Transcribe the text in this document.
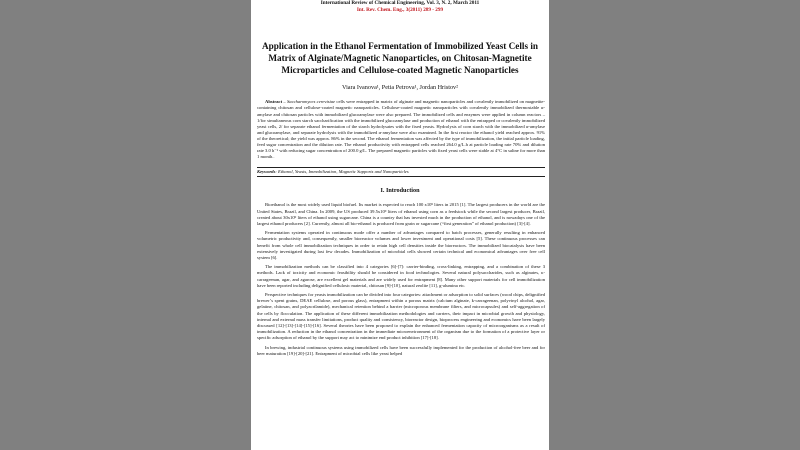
International Review of Chemical Engineering, Vol. 3, N. 2, March 2011
Int. Rev. Chem. Eng., 3(2011) 289 - 299
Application in the Ethanol Fermentation of Immobilized Yeast Cells in Matrix of Alginate/Magnetic Nanoparticles, on Chitosan-Magnetite Microparticles and Cellulose-coated Magnetic Nanoparticles
Viara Ivanova¹, Petia Petrova¹, Jordan Hristov²
Abstract – Saccharomyces cerevisiae cells were entrapped in matrix of alginate and magnetic nanoparticles and covalently immobilized on magnetite-containing chitosan and cellulose-coated magnetic nanoparticles. Cellulose-coated magnetic nanoparticles with covalently immobilized thermostable α-amylase and chitosan particles with immobilized glucoamylase were also prepared. The immobilized cells and enzymes were applied in column reactors – 1/for simultaneous corn starch saccharification with the immobilized glucoamylase and production of ethanol with the entrapped or covalently immobilized yeast cells, 2/ for separate ethanol fermentation of the starch hydrolysates with the fixed yeasts. Hydrolysis of corn starch with the immobilized α-amylase and glucoamylase, and separate hydrolysis with the immobilized α-amylase were also examined. In the first reactor the ethanol yield reached approx. 91% of the theoretical; the yield was approx. 86% in the second. The ethanol fermentation was affected by the type of immobilization, the initial particle loading, feed sugar concentration and the dilution rate. The ethanol productivity with entrapped cells reached 264.0 g/L.h at particle loading rate 70% and dilution rate 3.0 h⁻¹ with reducing sugar concentration of 200.0 g/L. The prepared magnetic particles with fixed yeast cells were stable at 4°C in saline for more than 1 month..
Keywords: Ethanol, Yeasts, Immobilization, Magnetic Supports and Nanoparticles
I. Introduction
Bioethanol is the most widely used liquid biofuel. Its market is expected to reach 100 x10⁹ liters in 2015 [1]. The largest producers in the world are the United States, Brazil, and China. In 2009, the US produced 39.5x10⁹ liters of ethanol using corn as a feedstock while the second largest producer, Brazil, created about 30x10⁹ liters of ethanol using sugarcane. China is a country that has invested much in the production of ethanol, and is nowadays one of the largest ethanol producers [2]. Currently, almost all bio-ethanol is produced from grain or sugarcane (“first generation” of ethanol production) [3]-[4].
Fermentation systems operated in continuous mode offer a number of advantages compared to batch processes, generally resulting in enhanced volumetric productivity and, consequently, smaller bioreactor volumes and lower investment and operational costs [5]. These continuous processes can benefit from whole cell immobilization techniques in order to retain high cell densities inside the bioreactors. The immobilized biocatalysts have been extensively investigated during last few decades. Immobilization of microbial cells showed certain technical and economical advantages over free cell system [6].
The immobilization methods can be classified into 4 categories [6]-[7]: carrier-binding, cross-linking, entrapping, and a combination of these 3 methods. Lack of toxicity and economic feasibility should be considered in food technologies. Several natural polysaccharides, such as alginates, κ-carrageenan, agar, and agarose, are excellent gel materials and are widely used for entrapment [8]. Many other support materials for cell immobilization have been reported including delignified cellulosic material, chitosan [9]-[10], natural zeolite [11], g-alumina etc.
Perspective techniques for yeasts immobilization can be divided into four categories: attachment or adsorption to solid surfaces (wood chips, delignified brewer’s spent grains, DEAE cellulose, and porous glass), entrapment within a porous matrix (calcium alginate, k-carrageenan, polyvinyl alcohol, agar, gelatine, chitosan, and polyacrilamide), mechanical retention behind a barrier (microporous membrane filters, and microcapsules) and self-aggregation of the cells by flocculation. The application of these different immobilization methodologies and carriers, their impact in microbial growth and physiology, internal and external mass transfer limitations, product quality and consistency, bioreactor design, bioprocess engineering and economics have been largely discussed [12]-[13]-[14]-[15]-[16]. Several theories have been proposed to explain the enhanced fermentation capacity of microorganisms as a result of immobilization. A reduction in the ethanol concentration in the immediate microenvironment of the organism due to the formation of a protective layer or specific adsorption of ethanol by the support may act to minimize end product inhibition [17]-[18].
In brewing, industrial continuous systems using immobilized cells have been successfully implemented for the production of alcohol-free beer and for beer maturation [19]-[20]-[21]. Entrapment of microbial cells like yeast helped
